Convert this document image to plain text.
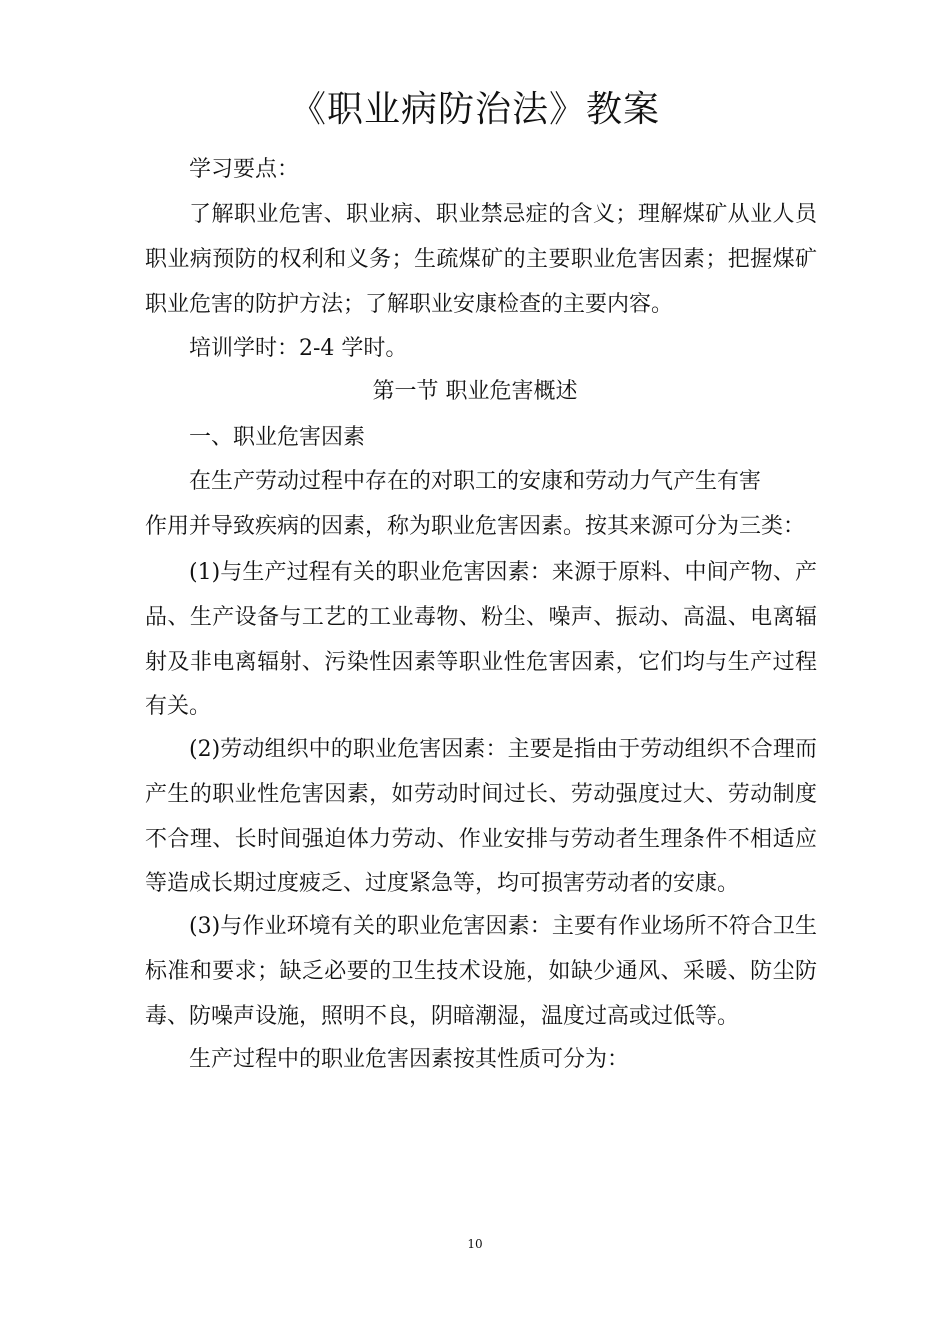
《职业病防治法》教案
学习要点：
了解职业危害、职业病、职业禁忌症的含义；理解煤矿从业人员职业病预防的权利和义务；生疏煤矿的主要职业危害因素；把握煤矿职业危害的防护方法；了解职业安康检查的主要内容。
培训学时：2-4 学时。
第一节 职业危害概述
一、职业危害因素
在生产劳动过程中存在的对职工的安康和劳动力气产生有害
作用并导致疾病的因素，称为职业危害因素。按其来源可分为三类：
(1)与生产过程有关的职业危害因素：来源于原料、中间产物、产品、生产设备与工艺的工业毒物、粉尘、噪声、振动、高温、电离辐射及非电离辐射、污染性因素等职业性危害因素，它们均与生产过程有关。
(2)劳动组织中的职业危害因素：主要是指由于劳动组织不合理而产生的职业性危害因素，如劳动时间过长、劳动强度过大、劳动制度不合理、长时间强迫体力劳动、作业安排与劳动者生理条件不相适应等造成长期过度疲乏、过度紧急等，均可损害劳动者的安康。
(3)与作业环境有关的职业危害因素：主要有作业场所不符合卫生标准和要求；缺乏必要的卫生技术设施，如缺少通风、采暖、防尘防毒、防噪声设施，照明不良，阴暗潮湿，温度过高或过低等。
生产过程中的职业危害因素按其性质可分为：
10
